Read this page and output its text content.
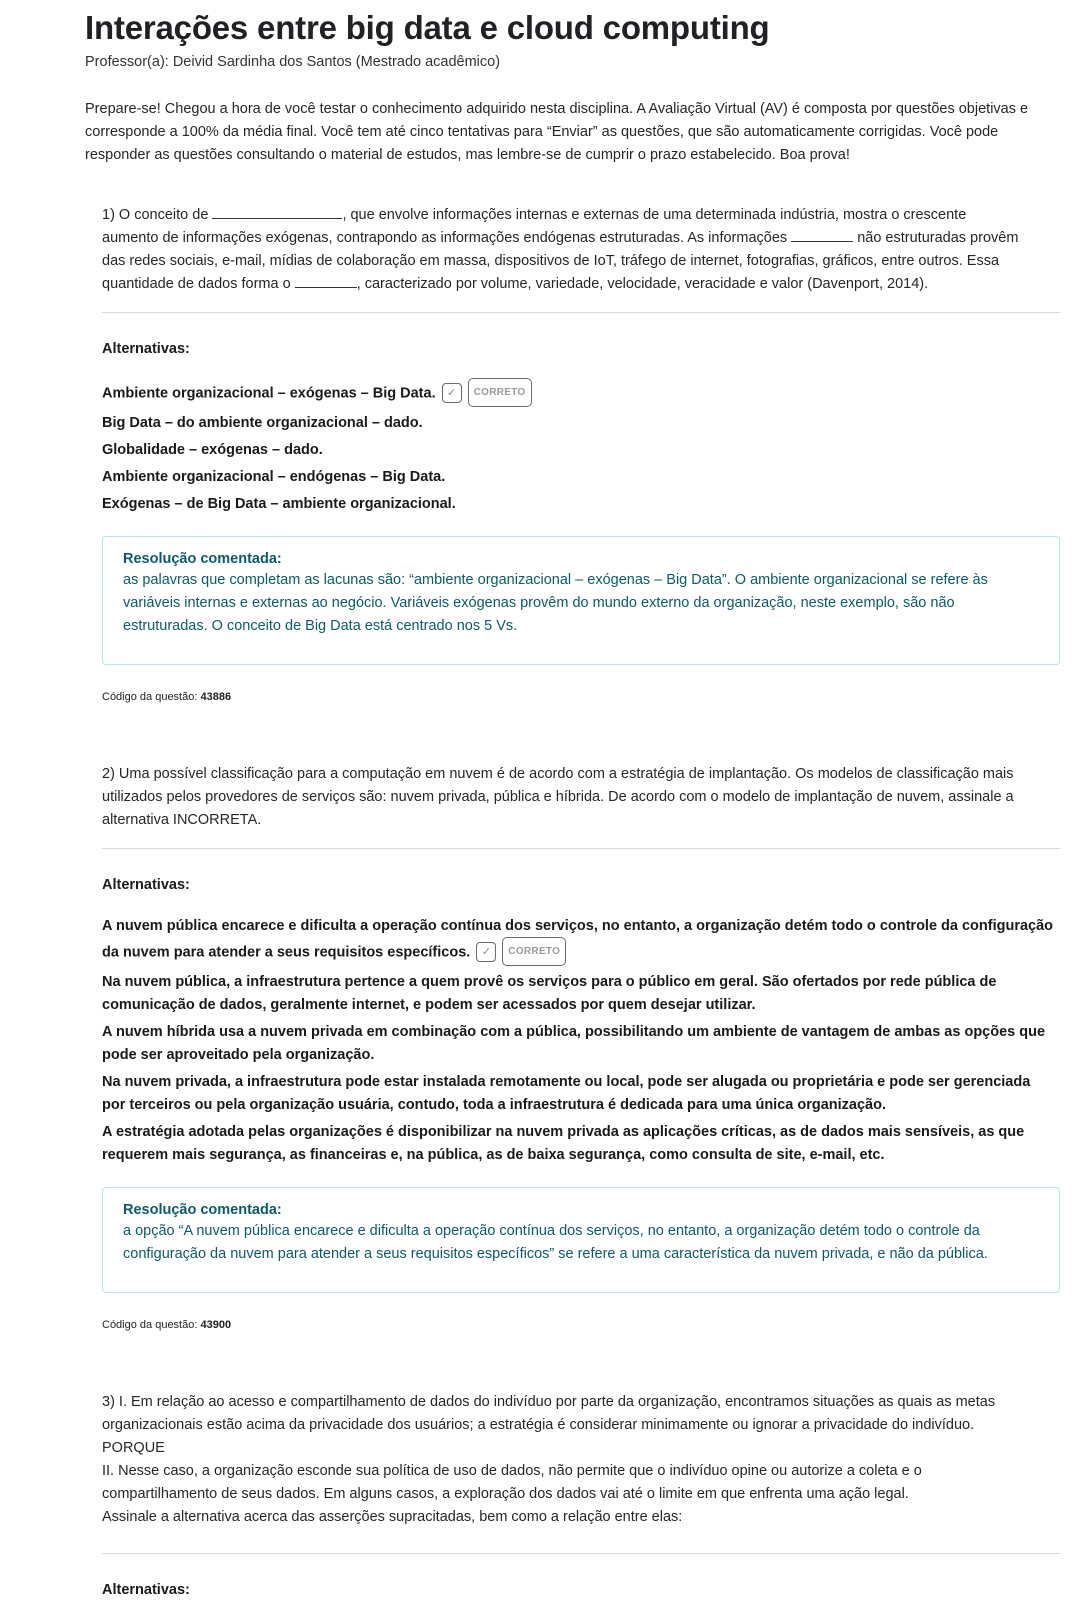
Interações entre big data e cloud computing
Professor(a): Deivid Sardinha dos Santos (Mestrado acadêmico)
Prepare-se! Chegou a hora de você testar o conhecimento adquirido nesta disciplina. A Avaliação Virtual (AV) é composta por questões objetivas e
corresponde a 100% da média final. Você tem até cinco tentativas para “Enviar” as questões, que são automaticamente corrigidas. Você pode
responder as questões consultando o material de estudos, mas lembre-se de cumprir o prazo estabelecido. Boa prova!
1) O conceito de	, que envolve informações internas e externas de uma determinada indústria, mostra o crescente
aumento de informações exógenas, contrapondo as informações endógenas estruturadas. As informações	não estruturadas provêm
das redes sociais, e-mail, mídias de colaboração em massa, dispositivos de IoT, tráfego de internet, fotografias, gráficos, entre outros. Essa
quantidade de dados forma o	, caracterizado por volume, variedade, velocidade, veracidade e valor (Davenport, 2014).
Alternativas:
Ambiente organizacional – exógenas – Big Data. ✓ CORRETO
Big Data – do ambiente organizacional – dado.
Globalidade – exógenas – dado.
Ambiente organizacional – endógenas – Big Data.
Exógenas – de Big Data – ambiente organizacional.
Resolução comentada:
as palavras que completam as lacunas são: “ambiente organizacional – exógenas – Big Data”. O ambiente organizacional se refere às
variáveis internas e externas ao negócio. Variáveis exógenas provêm do mundo externo da organização, neste exemplo, são não
estruturadas. O conceito de Big Data está centrado nos 5 Vs.
Código da questão: 43886
2) Uma possível classificação para a computação em nuvem é de acordo com a estratégia de implantação. Os modelos de classificação mais
utilizados pelos provedores de serviços são: nuvem privada, pública e híbrida. De acordo com o modelo de implantação de nuvem, assinale a
alternativa INCORRETA.
Alternativas:
A nuvem pública encarece e dificulta a operação contínua dos serviços, no entanto, a organização detém todo o controle da configuração
da nuvem para atender a seus requisitos específicos. ✓ CORRETO
Na nuvem pública, a infraestrutura pertence a quem provê os serviços para o público em geral. São ofertados por rede pública de
comunicação de dados, geralmente internet, e podem ser acessados por quem desejar utilizar.
A nuvem híbrida usa a nuvem privada em combinação com a pública, possibilitando um ambiente de vantagem de ambas as opções que
pode ser aproveitado pela organização.
Na nuvem privada, a infraestrutura pode estar instalada remotamente ou local, pode ser alugada ou proprietária e pode ser gerenciada
por terceiros ou pela organização usuária, contudo, toda a infraestrutura é dedicada para uma única organização.
A estratégia adotada pelas organizações é disponibilizar na nuvem privada as aplicações críticas, as de dados mais sensíveis, as que
requerem mais segurança, as financeiras e, na pública, as de baixa segurança, como consulta de site, e-mail, etc.
Resolução comentada:
a opção “A nuvem pública encarece e dificulta a operação contínua dos serviços, no entanto, a organização detém todo o controle da
configuração da nuvem para atender a seus requisitos específicos” se refere a uma característica da nuvem privada, e não da pública.
Código da questão: 43900
3) I. Em relação ao acesso e compartilhamento de dados do indivíduo por parte da organização, encontramos situações as quais as metas
organizacionais estão acima da privacidade dos usuários; a estratégia é considerar minimamente ou ignorar a privacidade do indivíduo.
PORQUE
II. Nesse caso, a organização esconde sua política de uso de dados, não permite que o indivíduo opine ou autorize a coleta e o
compartilhamento de seus dados. Em alguns casos, a exploração dos dados vai até o limite em que enfrenta uma ação legal.
Assinale a alternativa acerca das asserções supracitadas, bem como a relação entre elas:
Alternativas:
